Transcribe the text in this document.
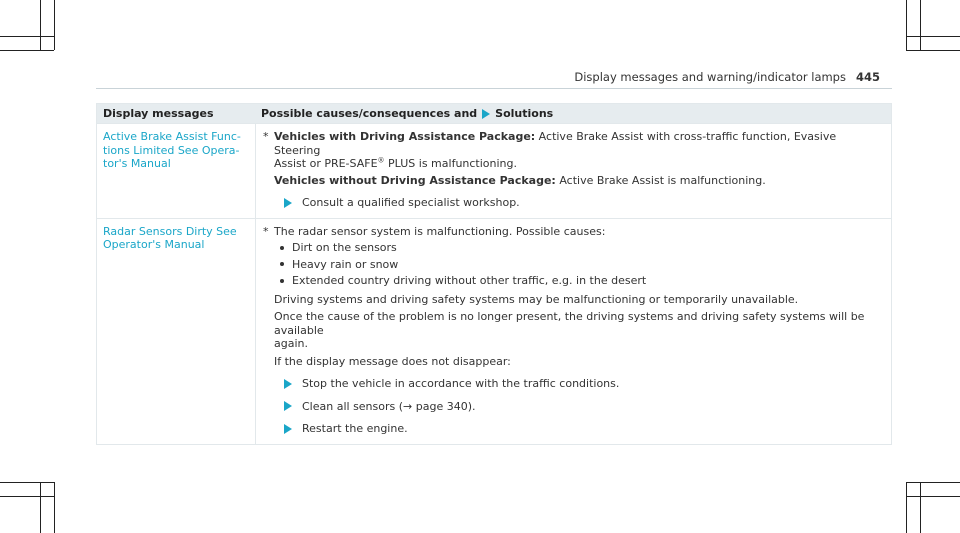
Display messages and warning/indicator lamps 445
Display messages	Possible causes/consequences and Solutions
Active Brake Assist Func-
tions Limited See Opera-
tor's Manual
* Vehicles with Driving Assistance Package: Active Brake Assist with cross-traffic function, Evasive Steering
Assist or PRE-SAFE® PLUS is malfunctioning.
Vehicles without Driving Assistance Package: Active Brake Assist is malfunctioning.
Consult a qualified specialist workshop.
Radar Sensors Dirty See
Operator's Manual
* The radar sensor system is malfunctioning. Possible causes:
Dirt on the sensors
Heavy rain or snow
Extended country driving without other traffic, e.g. in the desert
Driving systems and driving safety systems may be malfunctioning or temporarily unavailable.
Once the cause of the problem is no longer present, the driving systems and driving safety systems will be available
again.
If the display message does not disappear:
Stop the vehicle in accordance with the traffic conditions.
Clean all sensors (→ page 340).
Restart the engine.
